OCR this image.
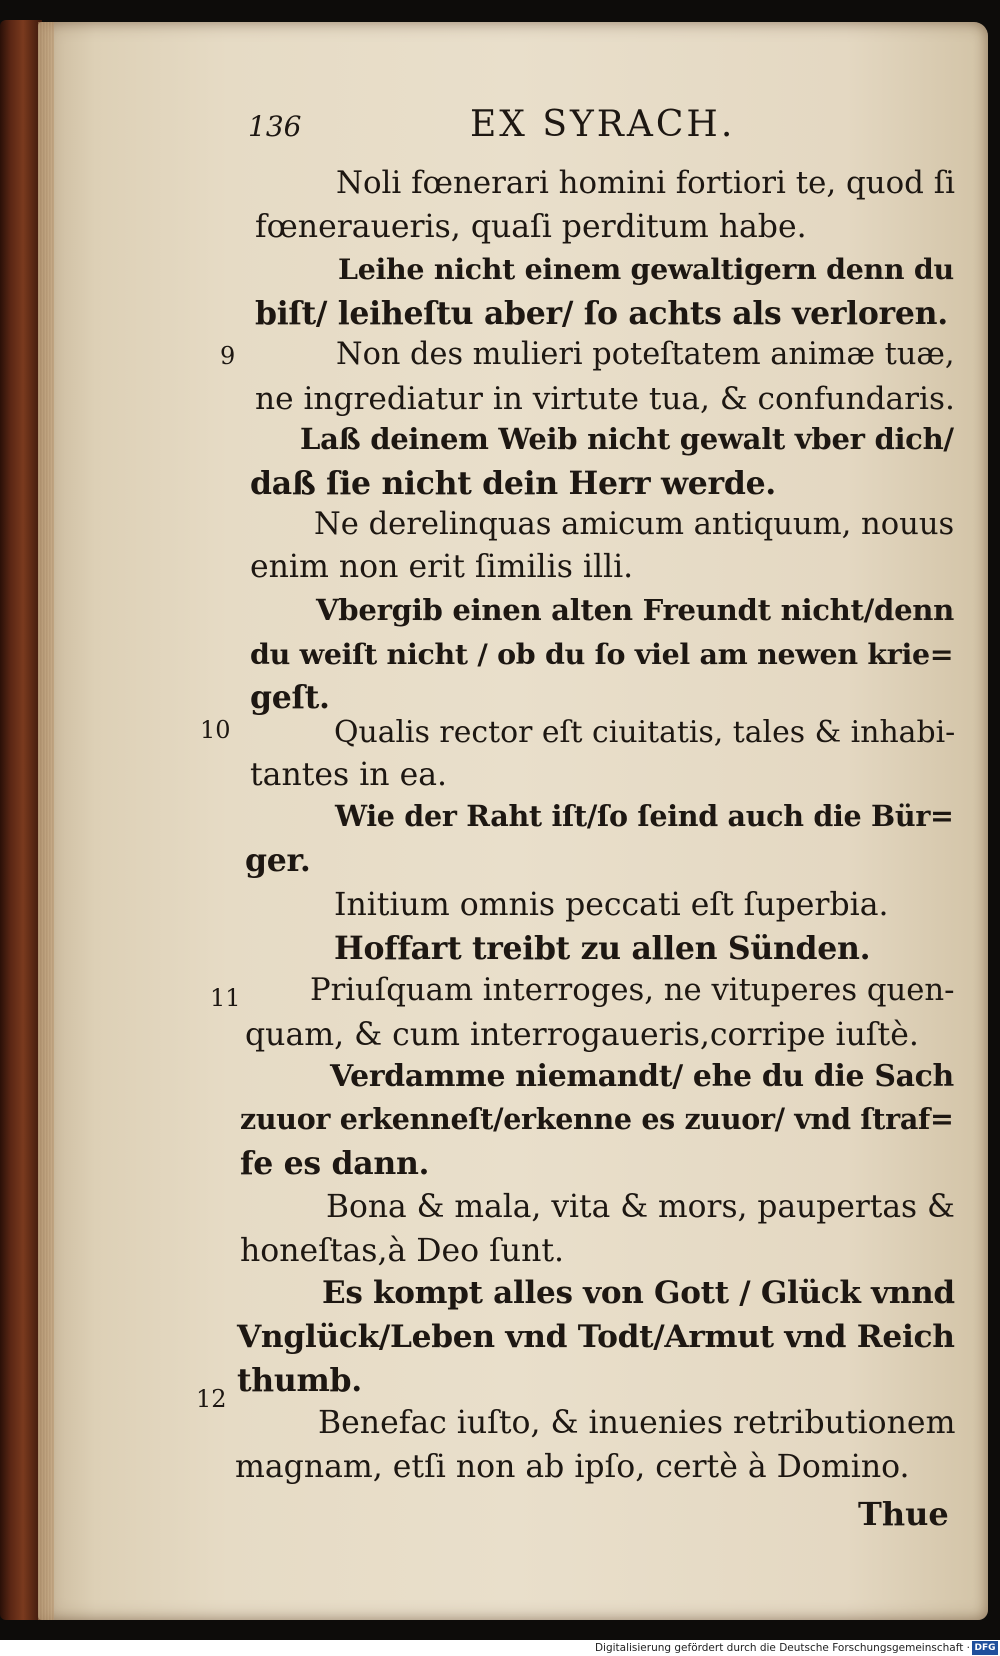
136	EX SYRACH.
9
10
11
12
Noli fœnerari homini fortiori te, quod ſi
fœneraueris, quaſi perditum habe.
Leihe nicht einem gewaltigern denn du
biſt/ leiheſtu aber/ ſo achts als verloren.
Non des mulieri poteſtatem animæ tuæ,
ne ingrediatur in virtute tua, & confundaris.
Laß deinem Weib nicht gewalt vber dich/
daß ſie nicht dein Herr werde.
Ne derelinquas amicum antiquum, nouus
enim non erit ſimilis illi.
Vbergib einen alten Freundt nicht/denn
du weiſt nicht / ob du ſo viel am newen krie=
geſt.
Qualis rector eſt ciuitatis, tales & inhabi-
tantes in ea.
Wie der Raht iſt/ſo ſeind auch die Bür=
ger.
Initium omnis peccati eſt ſuperbia.
Hoffart treibt zu allen Sünden.
Priuſquam interroges, ne vituperes quen-
quam, & cum interrogaueris,corripe iuſtè.
Verdamme niemandt/ ehe du die Sach
zuuor erkenneſt/erkenne es zuuor/ vnd ſtraf=
fe es dann.
Bona & mala, vita & mors, paupertas &
honeſtas,à Deo ſunt.
Es kompt alles von Gott / Glück vnnd
Vnglück/Leben vnd Todt/Armut vnd Reich
thumb.
Benefac iuſto, & inuenies retributionem
magnam, etſi non ab ipſo, certè à Domino.
Thue
Digitalisierung gefördert durch die Deutsche Forschungsgemeinschaft · DFG
